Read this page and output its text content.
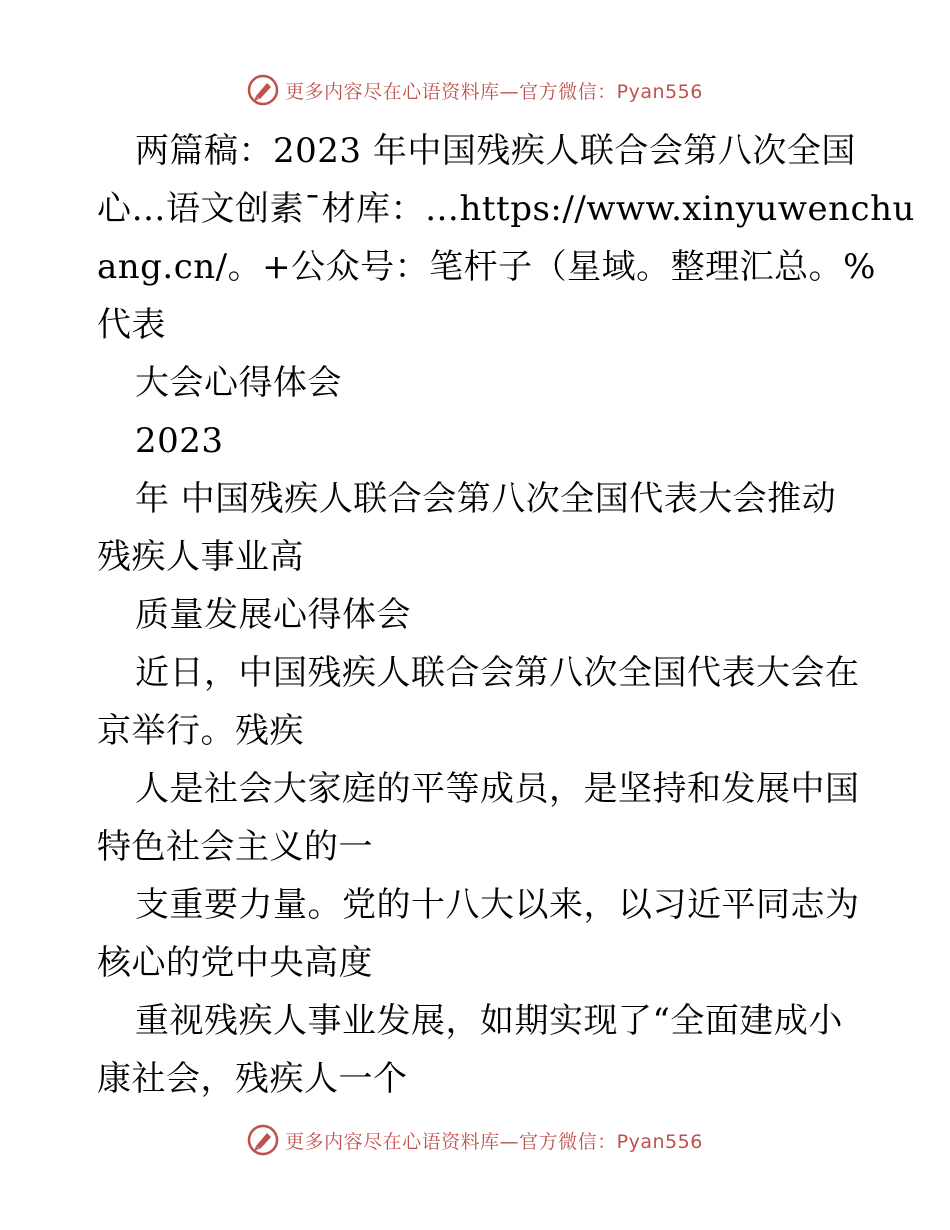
更多内容尽在心语资料库—官方微信：Pyan556
两篇稿：2023 年中国残疾人联合会第八次全国
心…语文创素¯材库：…https://www.xinyuwenchu
ang.cn/。+公众号：笔杆子（星域。整理汇总。%
代表
大会心得体会
2023
年 中国残疾人联合会第八次全国代表大会推动
残疾人事业高
质量发展心得体会
近日，中国残疾人联合会第八次全国代表大会在
京举行。残疾
人是社会大家庭的平等成员，是坚持和发展中国
特色社会主义的一
支重要力量。党的十八大以来，以习近平同志为
核心的党中央高度
重视残疾人事业发展，如期实现了“全面建成小
康社会，残疾人一个
更多内容尽在心语资料库—官方微信：Pyan556
